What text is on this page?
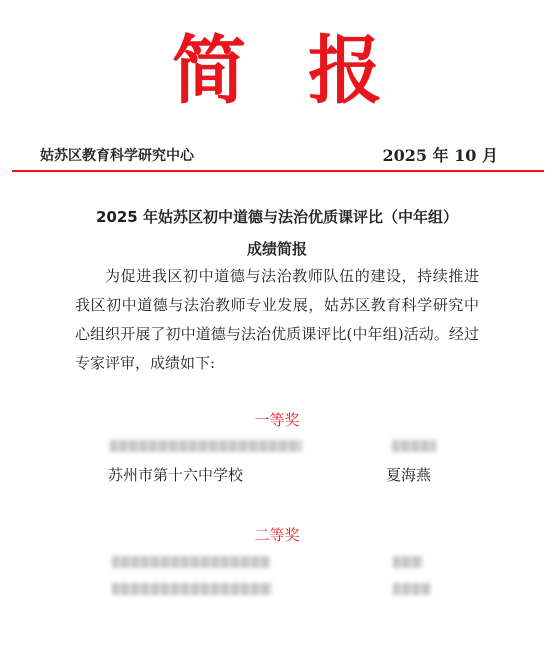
简报
姑苏区教育科学研究中心	2025 年 10 月
2025 年姑苏区初中道德与法治优质课评比（中年组）
成绩简报

为促进我区初中道德与法治教师队伍的建设，持续推进我区初中道德与法治教师专业发展，姑苏区教育科学研究中心组织开展了初中道德与法治优质课评比(中年组)活动。经过专家评审，成绩如下:

一等奖
苏州市第十六中学校	夏海燕
二等奖
